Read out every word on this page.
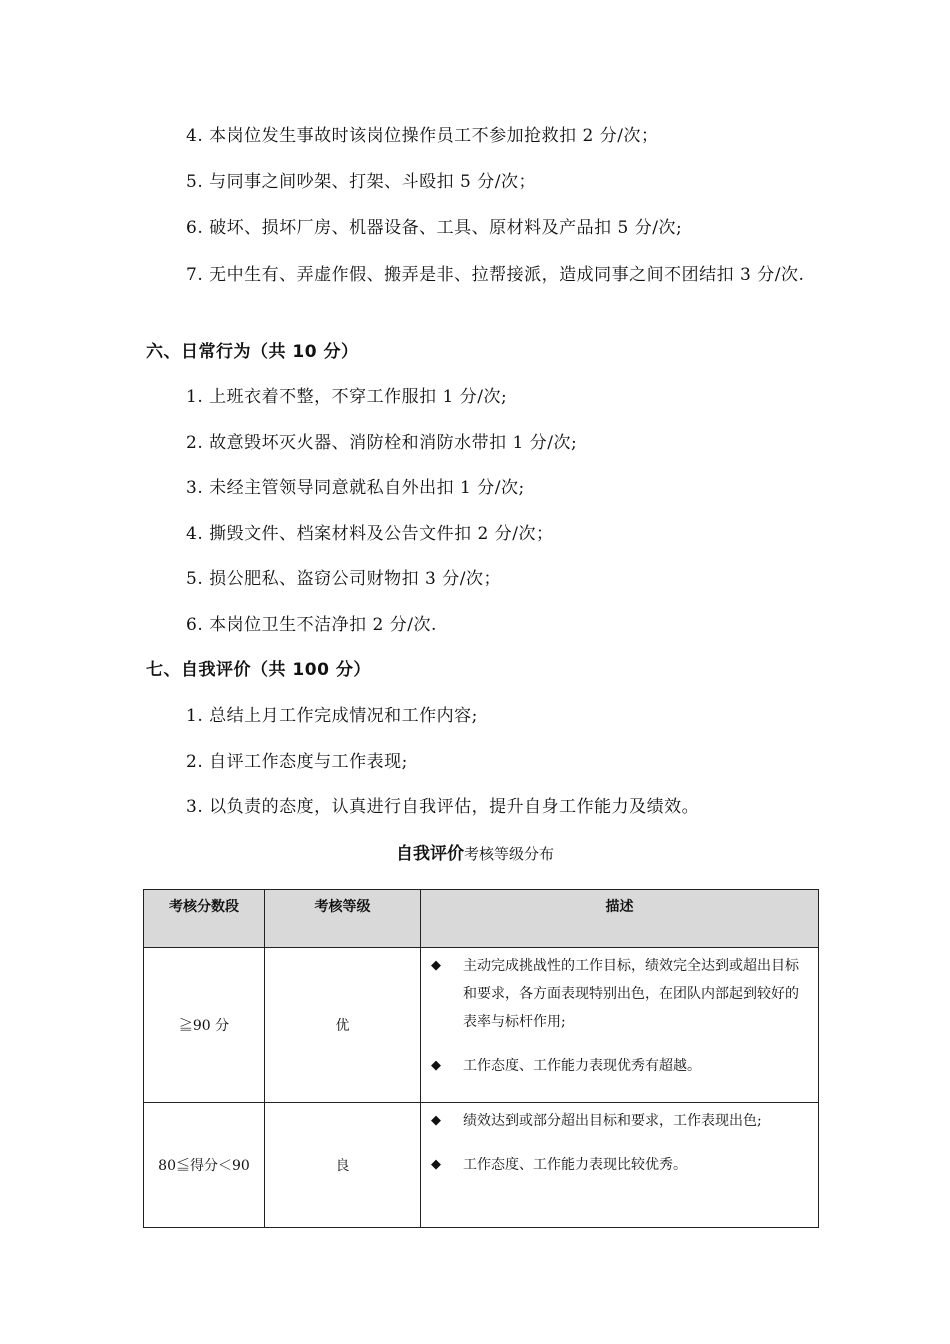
4. 本岗位发生事故时该岗位操作员工不参加抢救扣 2 分/次；
5. 与同事之间吵架、打架、斗殴扣 5 分/次；
6. 破坏、损坏厂房、机器设备、工具、原材料及产品扣 5 分/次;
7. 无中生有、弄虚作假、搬弄是非、拉帮接派，造成同事之间不团结扣 3 分/次.
六、日常行为（共 10 分）
1. 上班衣着不整，不穿工作服扣 1 分/次;
2. 故意毁坏灭火器、消防栓和消防水带扣 1 分/次;
3. 未经主管领导同意就私自外出扣 1 分/次;
4. 撕毁文件、档案材料及公告文件扣 2 分/次；
5. 损公肥私、盗窃公司财物扣 3 分/次；
6. 本岗位卫生不洁净扣 2 分/次.
七、自我评价（共 100 分）
1. 总结上月工作完成情况和工作内容;
2. 自评工作态度与工作表现;
3. 以负责的态度，认真进行自我评估，提升自身工作能力及绩效。
自我评价考核等级分布
考核分数段	考核等级	描述
≧90 分	优	◆ 主动完成挑战性的工作目标，绩效完全达到或超出目标和要求，各方面表现特别出色，在团队内部起到较好的表率与标杆作用;
◆ 工作态度、工作能力表现优秀有超越。

80≦得分＜90	良	◆ 绩效达到或部分超出目标和要求，工作表现出色;
◆ 工作态度、工作能力表现比较优秀。
